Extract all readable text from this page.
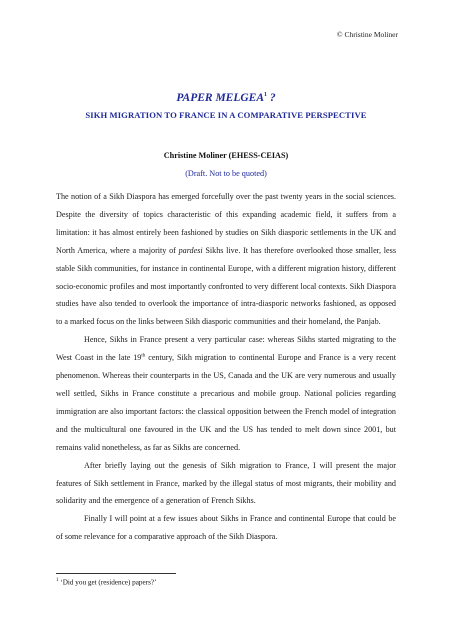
© Christine Moliner
PAPER MELGEA$^1$ ?
SIKH MIGRATION TO FRANCE IN A COMPARATIVE PERSPECTIVE
Christine Moliner (EHESS-CEIAS)
(Draft. Not to be quoted)

The notion of a Sikh Diaspora has emerged forcefully over the past twenty years in the social sciences. Despite the diversity of topics characteristic of this expanding academic field, it suffers from a limitation: it has almost entirely been fashioned by studies on Sikh diasporic settlements in the UK and North America, where a majority of pardesi Sikhs live. It has therefore overlooked those smaller, less stable Sikh communities, for instance in continental Europe, with a different migration history, different socio-economic profiles and most importantly confronted to very different local contexts. Sikh Diaspora studies have also tended to overlook the importance of intra-diasporic networks fashioned, as opposed to a marked focus on the links between Sikh diasporic communities and their homeland, the Panjab.

Hence, Sikhs in France present a very particular case: whereas Sikhs started migrating to the West Coast in the late 19th century, Sikh migration to continental Europe and France is a very recent phenomenon. Whereas their counterparts in the US, Canada and the UK are very numerous and usually well settled, Sikhs in France constitute a precarious and mobile group. National policies regarding immigration are also important factors: the classical opposition between the French model of integration and the multicultural one favoured in the UK and the US has tended to melt down since 2001, but remains valid nonetheless, as far as Sikhs are concerned.

After briefly laying out the genesis of Sikh migration to France, I will present the major features of Sikh settlement in France, marked by the illegal status of most migrants, their mobility and solidarity and the emergence of a generation of French Sikhs.

Finally I will point at a few issues about Sikhs in France and continental Europe that could be of some relevance for a comparative approach of the Sikh Diaspora.

$^1$ ‘Did you get (residence) papers?’
